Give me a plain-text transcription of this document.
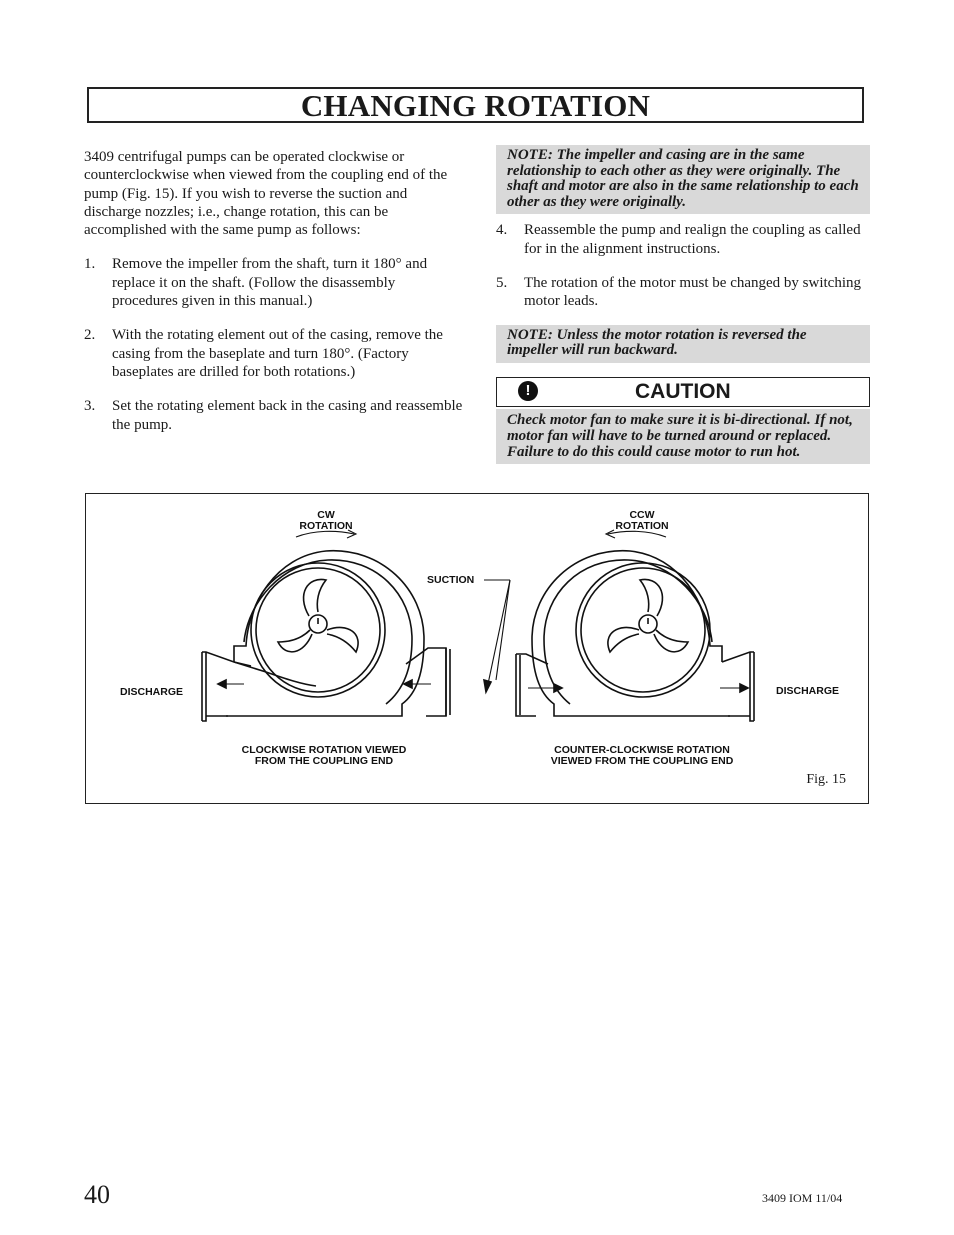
CHANGING ROTATION

3409 centrifugal pumps can be operated clockwise or counterclockwise when viewed from the coupling end of the pump (Fig. 15). If you wish to reverse the suction and discharge nozzles; i.e., change rotation, this can be accomplished with the same pump as follows:

1.	Remove the impeller from the shaft, turn it 180° and replace it on the shaft. (Follow the disassembly procedures given in this manual.)
2.	With the rotating element out of the casing, remove the casing from the baseplate and turn 180°. (Factory baseplates are drilled for both rotations.)
3.	Set the rotating element back in the casing and reassemble the pump.
NOTE: The impeller and casing are in the same relationship to each other as they were originally. The shaft and motor are also in the same relationship to each other as they were originally.
4.	Reassemble the pump and realign the coupling as called for in the alignment instructions.
5.	The rotation of the motor must be changed by switching motor leads.
NOTE: Unless the motor rotation is reversed the impeller will run backward.
!	CAUTION
Check motor fan to make sure it is bi-directional. If not, motor fan will have to be turned around or replaced. Failure to do this could cause motor to run hot.
CW
ROTATION
CCW
ROTATION
SUCTION
DISCHARGE	DISCHARGE
CLOCKWISE ROTATION VIEWED
FROM THE COUPLING END
COUNTER-CLOCKWISE ROTATION
VIEWED FROM THE COUPLING END
Fig. 15
40	3409 IOM 11/04
